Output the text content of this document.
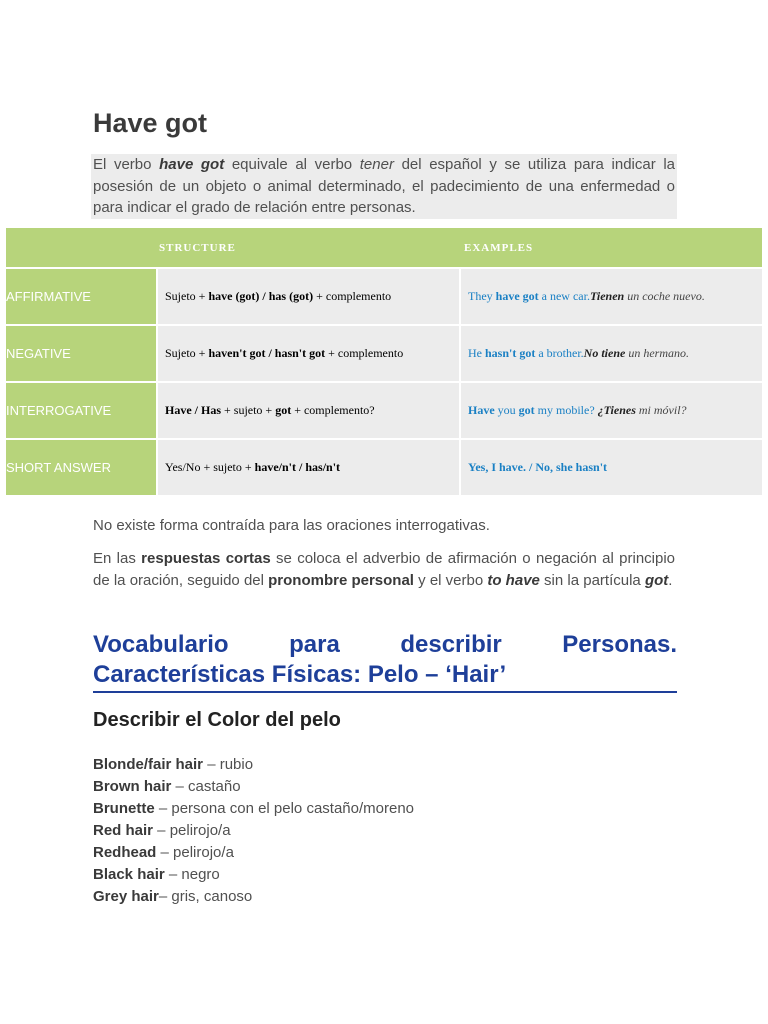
Have got
El verbo have got equivale al verbo tener del español y se utiliza para indicar la posesión de un objeto o animal determinado, el padecimiento de una enfermedad o para indicar el grado de relación entre personas.
	STRUCTURE	EXAMPLES
AFFIRMATIVE	Sujeto + have (got) / has (got) + complemento	They have got a new car.Tienen un coche nuevo.
NEGATIVE	Sujeto + haven't got / hasn't got + complemento	He hasn't got a brother.No tiene un hermano.
INTERROGATIVE	Have / Has + sujeto + got + complemento?	Have you got my mobile? ¿Tienes mi móvil?
SHORT ANSWER	Yes/No + sujeto + have/n't / has/n't	Yes, I have. / No, she hasn't

No existe forma contraída para las oraciones interrogativas.

En las respuestas cortas se coloca el adverbio de afirmación o negación al principio de la oración, seguido del pronombre personal y el verbo to have sin la partícula got.

Vocabulario para describir Personas. Características Físicas: Pelo – ‘Hair’
Describir el Color del pelo
Blonde/fair hair – rubio
Brown hair – castaño
Brunette – persona con el pelo castaño/moreno
Red hair – pelirojo/a
Redhead – pelirojo/a
Black hair – negro
Grey hair– gris, canoso
